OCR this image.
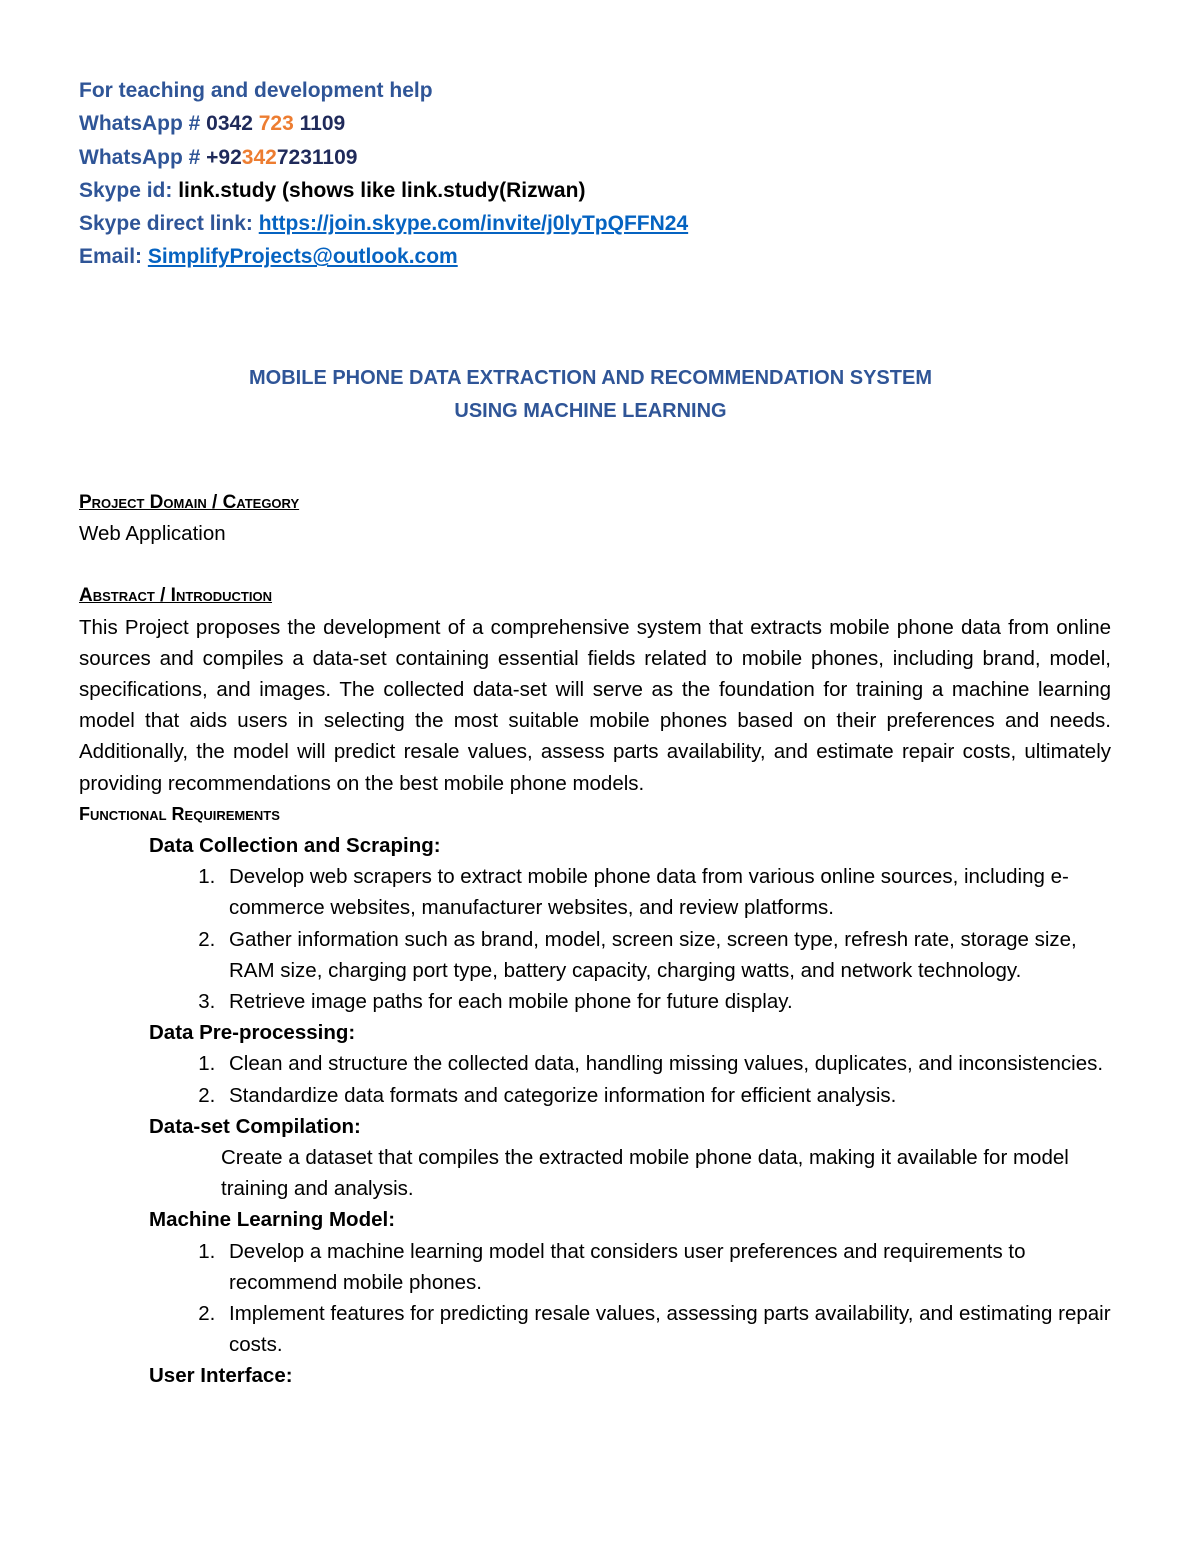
For teaching and development help
WhatsApp # 0342 723 1109
WhatsApp # +923427231109
Skype id: link.study (shows like link.study(Rizwan)
Skype direct link: https://join.skype.com/invite/j0lyTpQFFN24
Email: SimplifyProjects@outlook.com
MOBILE PHONE DATA EXTRACTION AND RECOMMENDATION SYSTEM
USING MACHINE LEARNING
Project Domain / Category
Web Application
Abstract / Introduction

This Project proposes the development of a comprehensive system that extracts mobile phone data from online sources and compiles a data-set containing essential fields related to mobile phones, including brand, model, specifications, and images. The collected data-set will serve as the foundation for training a machine learning model that aids users in selecting the most suitable mobile phones based on their preferences and needs. Additionally, the model will predict resale values, assess parts availability, and estimate repair costs, ultimately providing recommendations on the best mobile phone models.

Functional Requirements
Data Collection and Scraping:
1. Develop web scrapers to extract mobile phone data from various online sources, including e-commerce websites, manufacturer websites, and review platforms.
2. Gather information such as brand, model, screen size, screen type, refresh rate, storage size, RAM size, charging port type, battery capacity, charging watts, and network technology.
3. Retrieve image paths for each mobile phone for future display.
Data Pre-processing:
1. Clean and structure the collected data, handling missing values, duplicates, and inconsistencies.
2. Standardize data formats and categorize information for efficient analysis.
Data-set Compilation:
Create a dataset that compiles the extracted mobile phone data, making it available for model training and analysis.
Machine Learning Model:
1. Develop a machine learning model that considers user preferences and requirements to recommend mobile phones.
2. Implement features for predicting resale values, assessing parts availability, and estimating repair costs.
User Interface:
